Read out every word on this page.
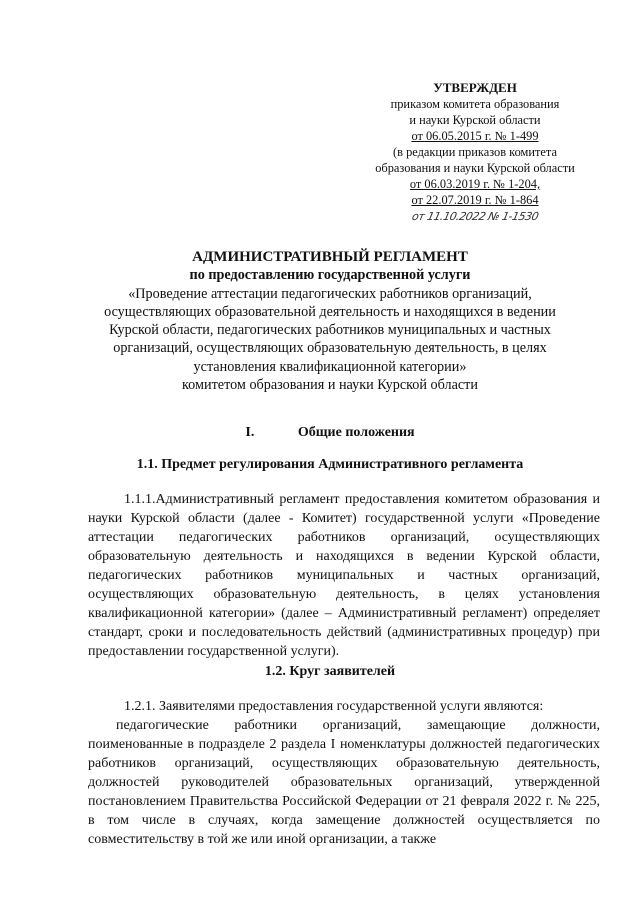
УТВЕРЖДЕН
приказом комитета образования
и науки Курской области
от 06.05.2015 г. № 1-499
(в редакции приказов комитета
образования и науки Курской области
от 06.03.2019 г. № 1-204,
от 22.07.2019 г. № 1-864
от 11.10.2022 № 1-1530
АДМИНИСТРАТИВНЫЙ РЕГЛАМЕНТ
по предоставлению государственной услуги
«Проведение аттестации педагогических работников организаций,
осуществляющих образовательной деятельность и находящихся в ведении
Курской области, педагогических работников муниципальных и частных
организаций, осуществляющих образовательную деятельность, в целях
установления квалификационной категории»
комитетом образования и науки Курской области
I.	Общие положения
1.1. Предмет регулирования Административного регламента
1.1.1.Административный регламент предоставления комитетом образования и науки Курской области (далее - Комитет) государственной услуги «Проведение аттестации педагогических работников организаций, осуществляющих образовательную деятельность и находящихся в ведении Курской области, педагогических работников муниципальных и частных организаций, осуществляющих образовательную деятельность, в целях установления квалификационной категории» (далее – Административный регламент) определяет стандарт, сроки и последовательность действий (административных процедур) при предоставлении государственной услуги).
1.2. Круг заявителей
1.2.1. Заявителями предоставления государственной услуги являются:
педагогические работники организаций, замещающие должности, поименованные в подразделе 2 раздела I номенклатуры должностей педагогических работников организаций, осуществляющих образовательную деятельность, должностей руководителей образовательных организаций, утвержденной постановлением Правительства Российской Федерации от 21 февраля 2022 г. № 225, в том числе в случаях, когда замещение должностей осуществляется по совместительству в той же или иной организации, а также
